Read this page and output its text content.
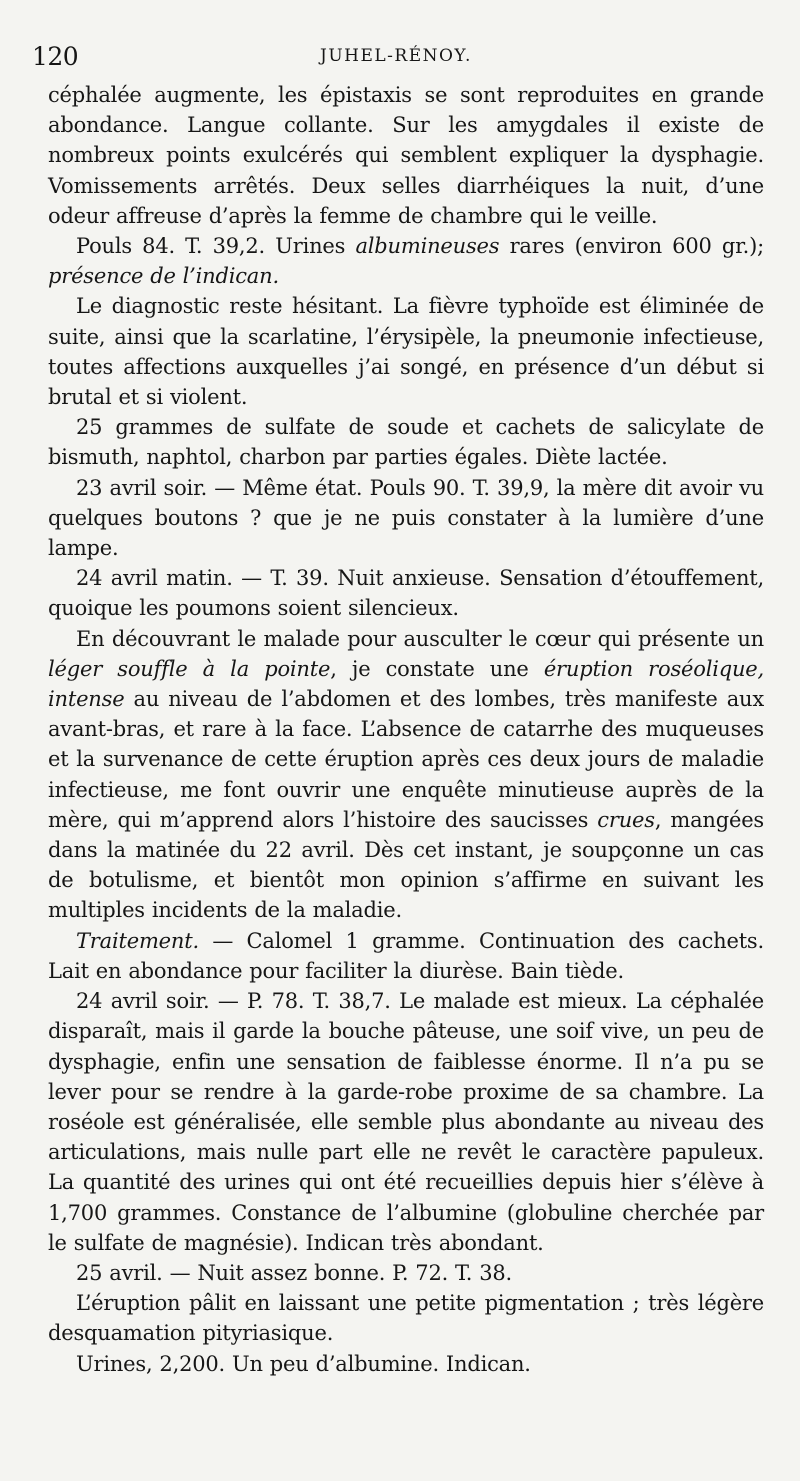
120	JUHEL-RÉNOY.

céphalée augmente, les épistaxis se sont reproduites en grande abondance. Langue collante. Sur les amygdales il existe de nombreux points exulcérés qui semblent expliquer la dysphagie. Vomissements arrêtés. Deux selles diarrhéiques la nuit, d’une odeur affreuse d’après la femme de chambre qui le veille.

Pouls 84. T. 39,2. Urines albumineuses rares (environ 600 gr.); présence de l’indican.

Le diagnostic reste hésitant. La fièvre typhoïde est éliminée de suite, ainsi que la scarlatine, l’érysipèle, la pneumonie infectieuse, toutes affections auxquelles j’ai songé, en présence d’un début si brutal et si violent.

25 grammes de sulfate de soude et cachets de salicylate de bismuth, naphtol, charbon par parties égales. Diète lactée.

23 avril soir. — Même état. Pouls 90. T. 39,9, la mère dit avoir vu quelques boutons ? que je ne puis constater à la lumière d’une lampe.

24 avril matin. — T. 39. Nuit anxieuse. Sensation d’étouffement, quoique les poumons soient silencieux.

En découvrant le malade pour ausculter le cœur qui présente un léger souffle à la pointe, je constate une éruption roséolique, intense au niveau de l’abdomen et des lombes, très manifeste aux avant-bras, et rare à la face. L’absence de catarrhe des muqueuses et la survenance de cette éruption après ces deux jours de maladie infectieuse, me font ouvrir une enquête minutieuse auprès de la mère, qui m’apprend alors l’histoire des saucisses crues, mangées dans la matinée du 22 avril. Dès cet instant, je soupçonne un cas de botulisme, et bientôt mon opinion s’affirme en suivant les multiples incidents de la maladie.

Traitement. — Calomel 1 gramme. Continuation des cachets. Lait en abondance pour faciliter la diurèse. Bain tiède.

24 avril soir. — P. 78. T. 38,7. Le malade est mieux. La céphalée disparaît, mais il garde la bouche pâteuse, une soif vive, un peu de dysphagie, enfin une sensation de faiblesse énorme. Il n’a pu se lever pour se rendre à la garde-robe proxime de sa chambre. La roséole est généralisée, elle semble plus abondante au niveau des articulations, mais nulle part elle ne revêt le caractère papuleux. La quantité des urines qui ont été recueillies depuis hier s’élève à 1,700 grammes. Constance de l’albumine (globuline cherchée par le sulfate de magnésie). Indican très abondant.

25 avril. — Nuit assez bonne. P. 72. T. 38.

L’éruption pâlit en laissant une petite pigmentation ; très légère desquamation pityriasique.

Urines, 2,200. Un peu d’albumine. Indican.
